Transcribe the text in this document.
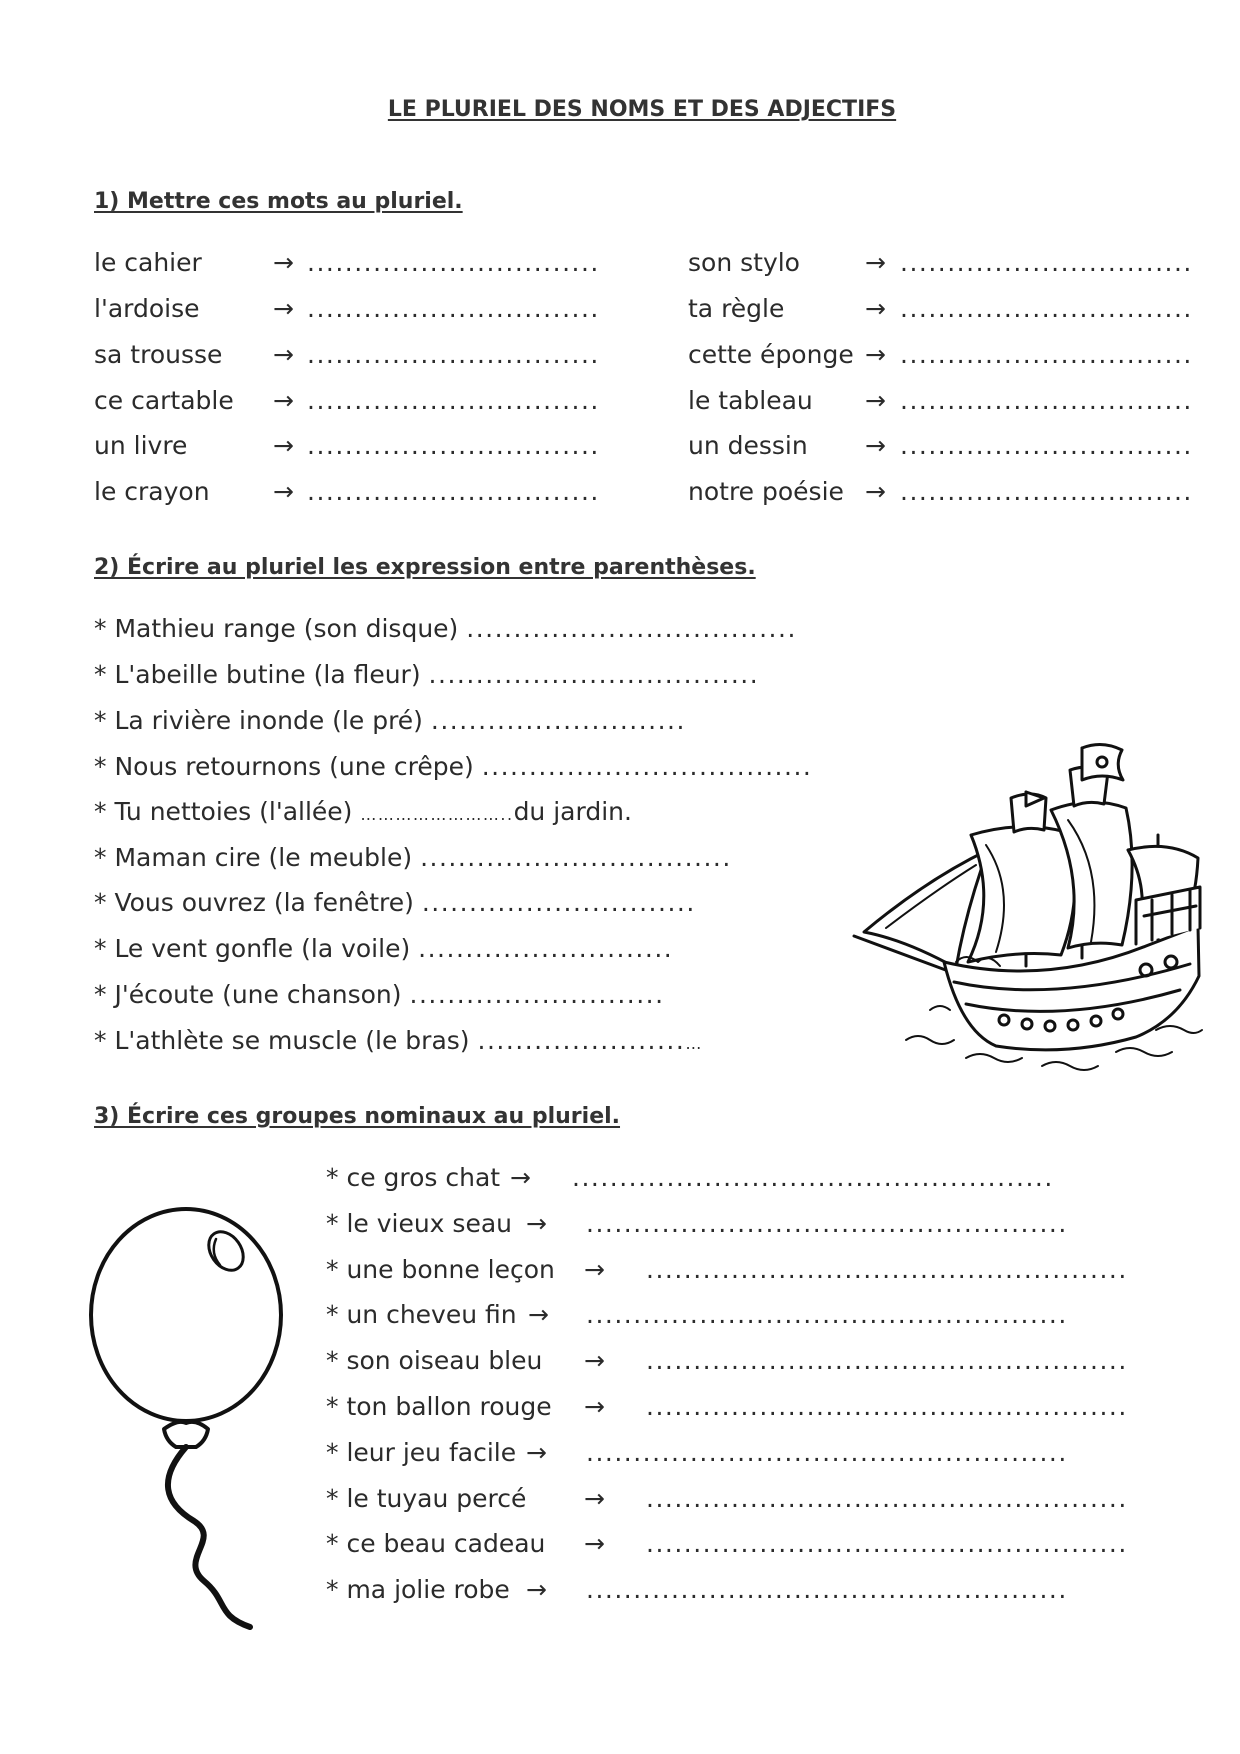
LE PLURIEL DES NOMS ET DES ADJECTIFS
1) Mettre ces mots au pluriel.
le cahier	→ ...............................
l'ardoise	→ ...............................
sa trousse → ...............................
ce cartable → ...............................
un livre	→ ...............................
le crayon	→ ...............................
son stylo	→ ...............................
ta règle	→ ...............................
cette éponge → ...............................
le tableau → ...............................
un dessin → ...............................
notre poésie → ...............................
2) Écrire au pluriel les expression entre parenthèses.
* Mathieu range (son disque) ...................................
* L'abeille butine (la fleur) ...................................
* La rivière inonde (le pré) ...........................
* Nous retournons (une crêpe) ...................................
* Tu nettoies (l'allée) ……………………..du jardin.
* Maman cire (le meuble) .................................
* Vous ouvrez (la fenêtre) .............................
* Le vent gonfle (la voile) ...........................
* J'écoute (une chanson) ...........................
* L'athlète se muscle (le bras) ......................…
3) Écrire ces groupes nominaux au pluriel.
* ce gros chat → ...................................................
* le vieux seau → ...................................................
* une bonne leçon → ...................................................
* un cheveu fin → ...................................................
* son oiseau bleu → ...................................................
* ton ballon rouge → ...................................................
* leur jeu facile → ...................................................
* le tuyau percé → ...................................................
* ce beau cadeau → ...................................................
* ma jolie robe → ...................................................
